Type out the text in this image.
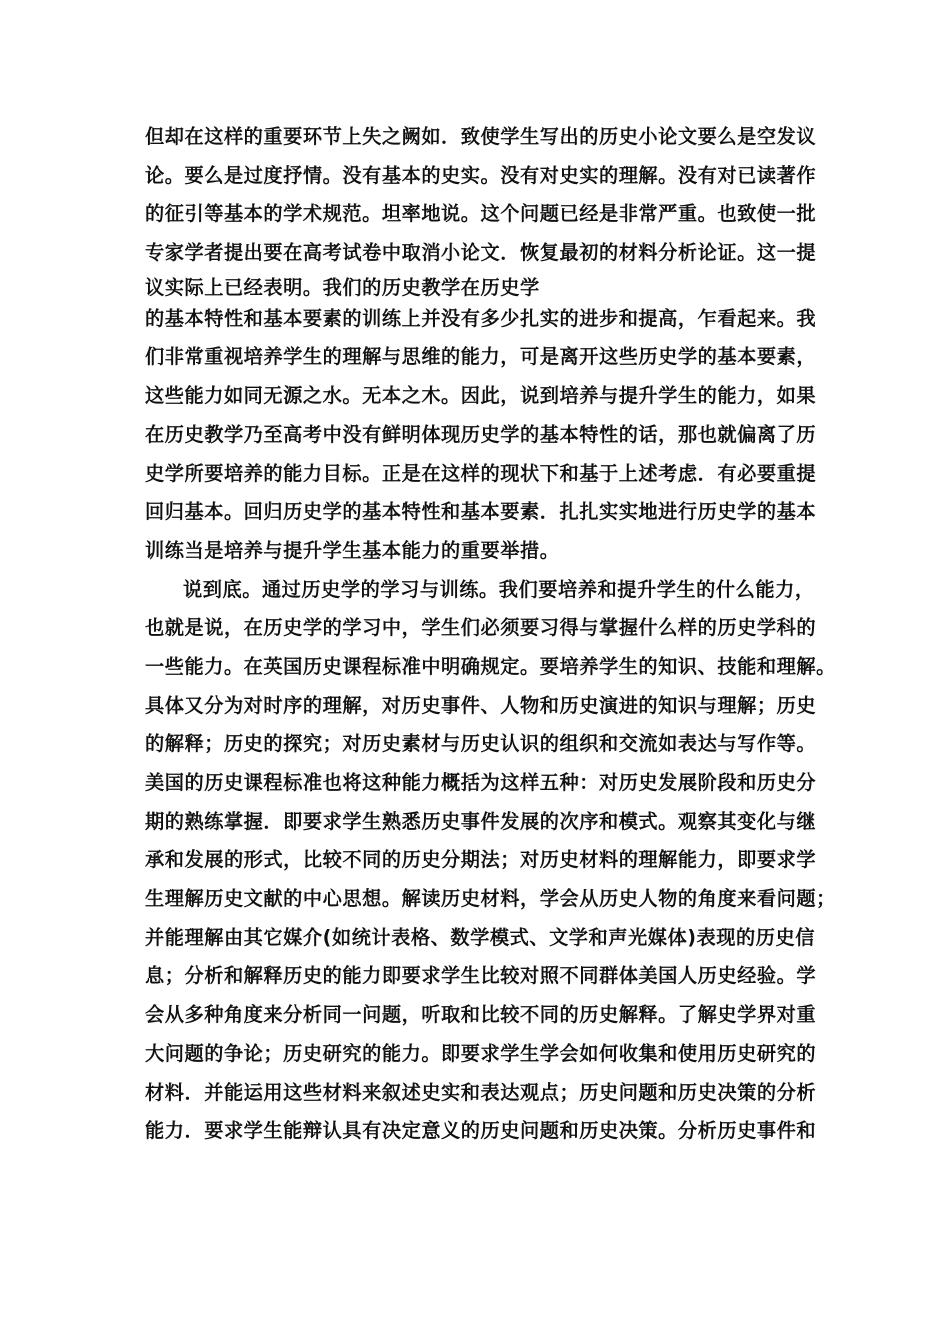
但却在这样的重要环节上失之阙如．致使学生写出的历史小论文要么是空发议
论。要么是过度抒情。没有基本的史实。没有对史实的理解。没有对已读著作
的征引等基本的学术规范。坦率地说。这个问题已经是非常严重。也致使一批
专家学者提出要在高考试卷中取消小论文．恢复最初的材料分析论证。这一提
议实际上已经表明。我们的历史教学在历史学
的基本特性和基本要素的训练上并没有多少扎实的进步和提高，乍看起来。我
们非常重视培养学生的理解与思维的能力，可是离开这些历史学的基本要素，
这些能力如同无源之水。无本之木。因此，说到培养与提升学生的能力，如果
在历史教学乃至高考中没有鲜明体现历史学的基本特性的话，那也就偏离了历
史学所要培养的能力目标。正是在这样的现状下和基于上述考虑．有必要重提
回归基本。回归历史学的基本特性和基本要素．扎扎实实地进行历史学的基本
训练当是培养与提升学生基本能力的重要举措。
说到底。通过历史学的学习与训练。我们要培养和提升学生的什么能力，
也就是说，在历史学的学习中，学生们必须要习得与掌握什么样的历史学科的
一些能力。在英国历史课程标准中明确规定。要培养学生的知识、技能和理解。
具体又分为对时序的理解，对历史事件、人物和历史演进的知识与理解；历史
的解释；历史的探究；对历史素材与历史认识的组织和交流如表达与写作等。
美国的历史课程标准也将这种能力概括为这样五种：对历史发展阶段和历史分
期的熟练掌握．即要求学生熟悉历史事件发展的次序和模式。观察其变化与继
承和发展的形式，比较不同的历史分期法；对历史材料的理解能力，即要求学
生理解历史文献的中心思想。解读历史材料，学会从历史人物的角度来看问题；
并能理解由其它媒介(如统计表格、数学模式、文学和声光媒体)表现的历史信
息；分析和解释历史的能力即要求学生比较对照不同群体美国人历史经验。学
会从多种角度来分析同一问题，听取和比较不同的历史解释。了解史学界对重
大问题的争论；历史研究的能力。即要求学生学会如何收集和使用历史研究的
材料．并能运用这些材料来叙述史实和表达观点；历史问题和历史决策的分析
能力．要求学生能辩认具有决定意义的历史问题和历史决策。分析历史事件和
